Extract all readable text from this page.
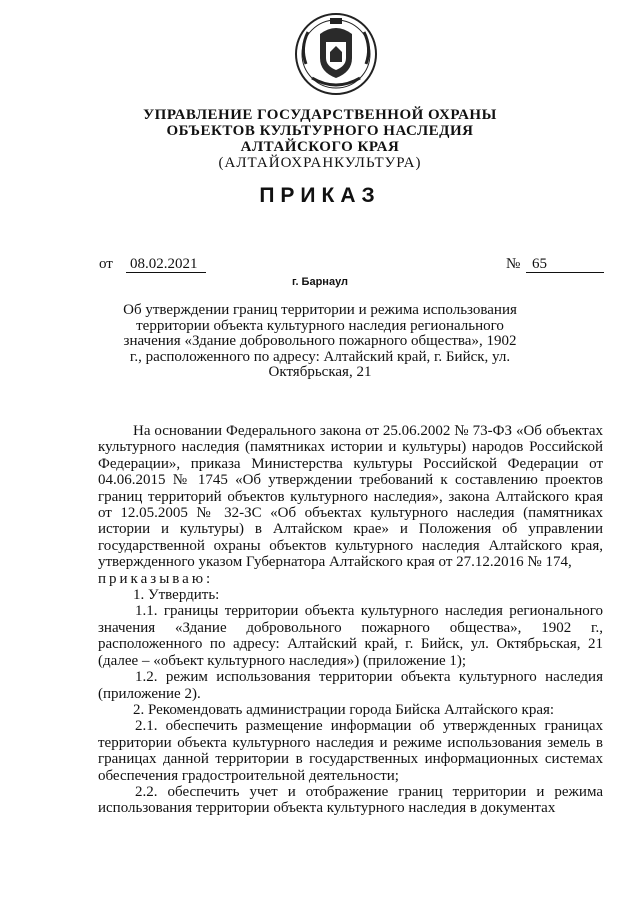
УПРАВЛЕНИЕ ГОСУДАРСТВЕННОЙ ОХРАНЫ
ОБЪЕКТОВ КУЛЬТУРНОГО НАСЛЕДИЯ
АЛТАЙСКОГО КРАЯ
(АЛТАЙОХРАНКУЛЬТУРА)
ПРИКАЗ
от 08.02.2021	№ 65
г. Барнаул
Об утверждении границ территории и режима использования территории объекта культурного наследия регионального значения «Здание добровольного пожарного общества», 1902 г., расположенного по адресу: Алтайский край, г. Бийск, ул. Октябрьская, 21

На основании Федерального закона от 25.06.2002 № 73-ФЗ «Об объектах культурного наследия (памятниках истории и культуры) народов Российской Федерации», приказа Министерства культуры Российской Федерации от 04.06.2015 № 1745 «Об утверждении требований к составлению проектов границ территорий объектов культурного наследия», закона Алтайского края от 12.05.2005 № 32-ЗС «Об объектах культурного наследия (памятниках истории и культуры) в Алтайском крае» и Положения об управлении государственной охраны объектов культурного наследия Алтайского края, утвержденного указом Губернатора Алтайского края от 27.12.2016 № 174,

приказываю:

1. Утвердить:

1.1. границы территории объекта культурного наследия регионального значения «Здание добровольного пожарного общества», 1902 г., расположенного по адресу: Алтайский край, г. Бийск, ул. Октябрьская, 21 (далее – «объект культурного наследия») (приложение 1);

1.2. режим использования территории объекта культурного наследия (приложение 2).

2. Рекомендовать администрации города Бийска Алтайского края:

2.1. обеспечить размещение информации об утвержденных границах территории объекта культурного наследия и режиме использования земель в границах данной территории в государственных информационных системах обеспечения градостроительной деятельности;

2.2. обеспечить учет и отображение границ территории и режима использования территории объекта культурного наследия в документах
